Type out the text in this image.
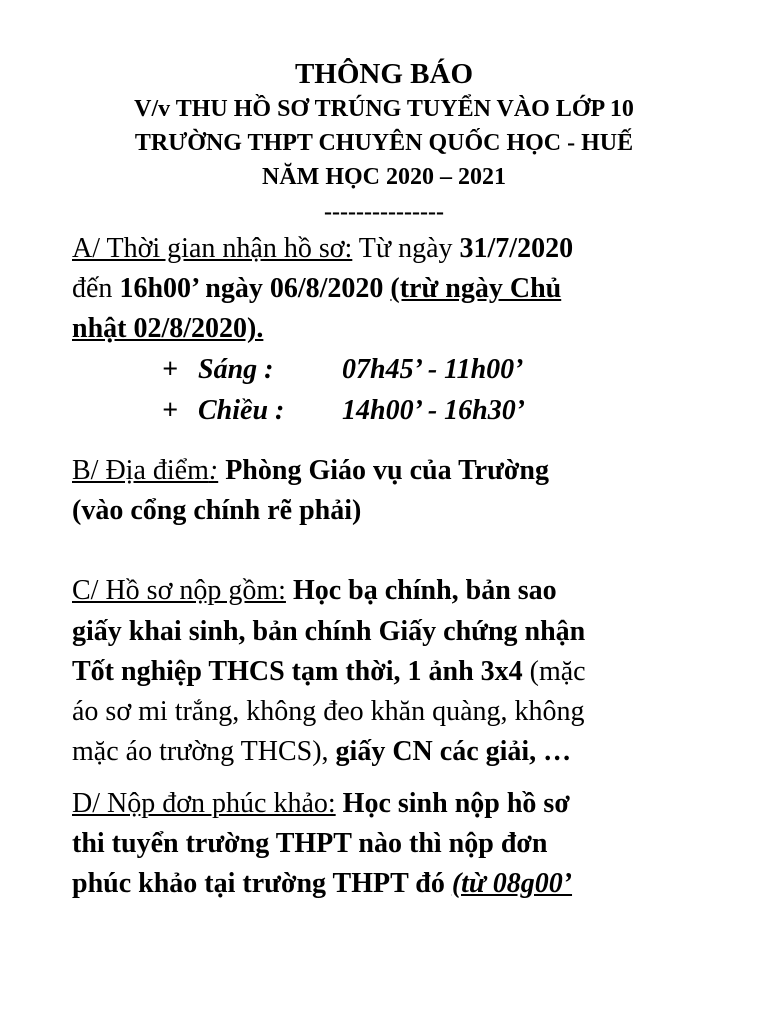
THÔNG BÁO
V/v THU HỒ SƠ TRÚNG TUYỂN VÀO LỚP 10
TRƯỜNG THPT CHUYÊN QUỐC HỌC - HUẾ
NĂM HỌC 2020 – 2021
---------------
A/ Thời gian nhận hồ sơ: Từ ngày 31/7/2020
đến 16h00’ ngày 06/8/2020 (trừ ngày Chủ
nhật 02/8/2020).
+ Sáng : 07h45’ - 11h00’
+ Chiều : 14h00’ - 16h30’
B/ Địa điểm: Phòng Giáo vụ của Trường
(vào cổng chính rẽ phải)
C/ Hồ sơ nộp gồm: Học bạ chính, bản sao
giấy khai sinh, bản chính Giấy chứng nhận
Tốt nghiệp THCS tạm thời, 1 ảnh 3x4 (mặc
áo sơ mi trắng, không đeo khăn quàng, không
mặc áo trường THCS), giấy CN các giải, …
D/ Nộp đơn phúc khảo: Học sinh nộp hồ sơ
thi tuyển trường THPT nào thì nộp đơn
phúc khảo tại trường THPT đó (từ 08g00’
